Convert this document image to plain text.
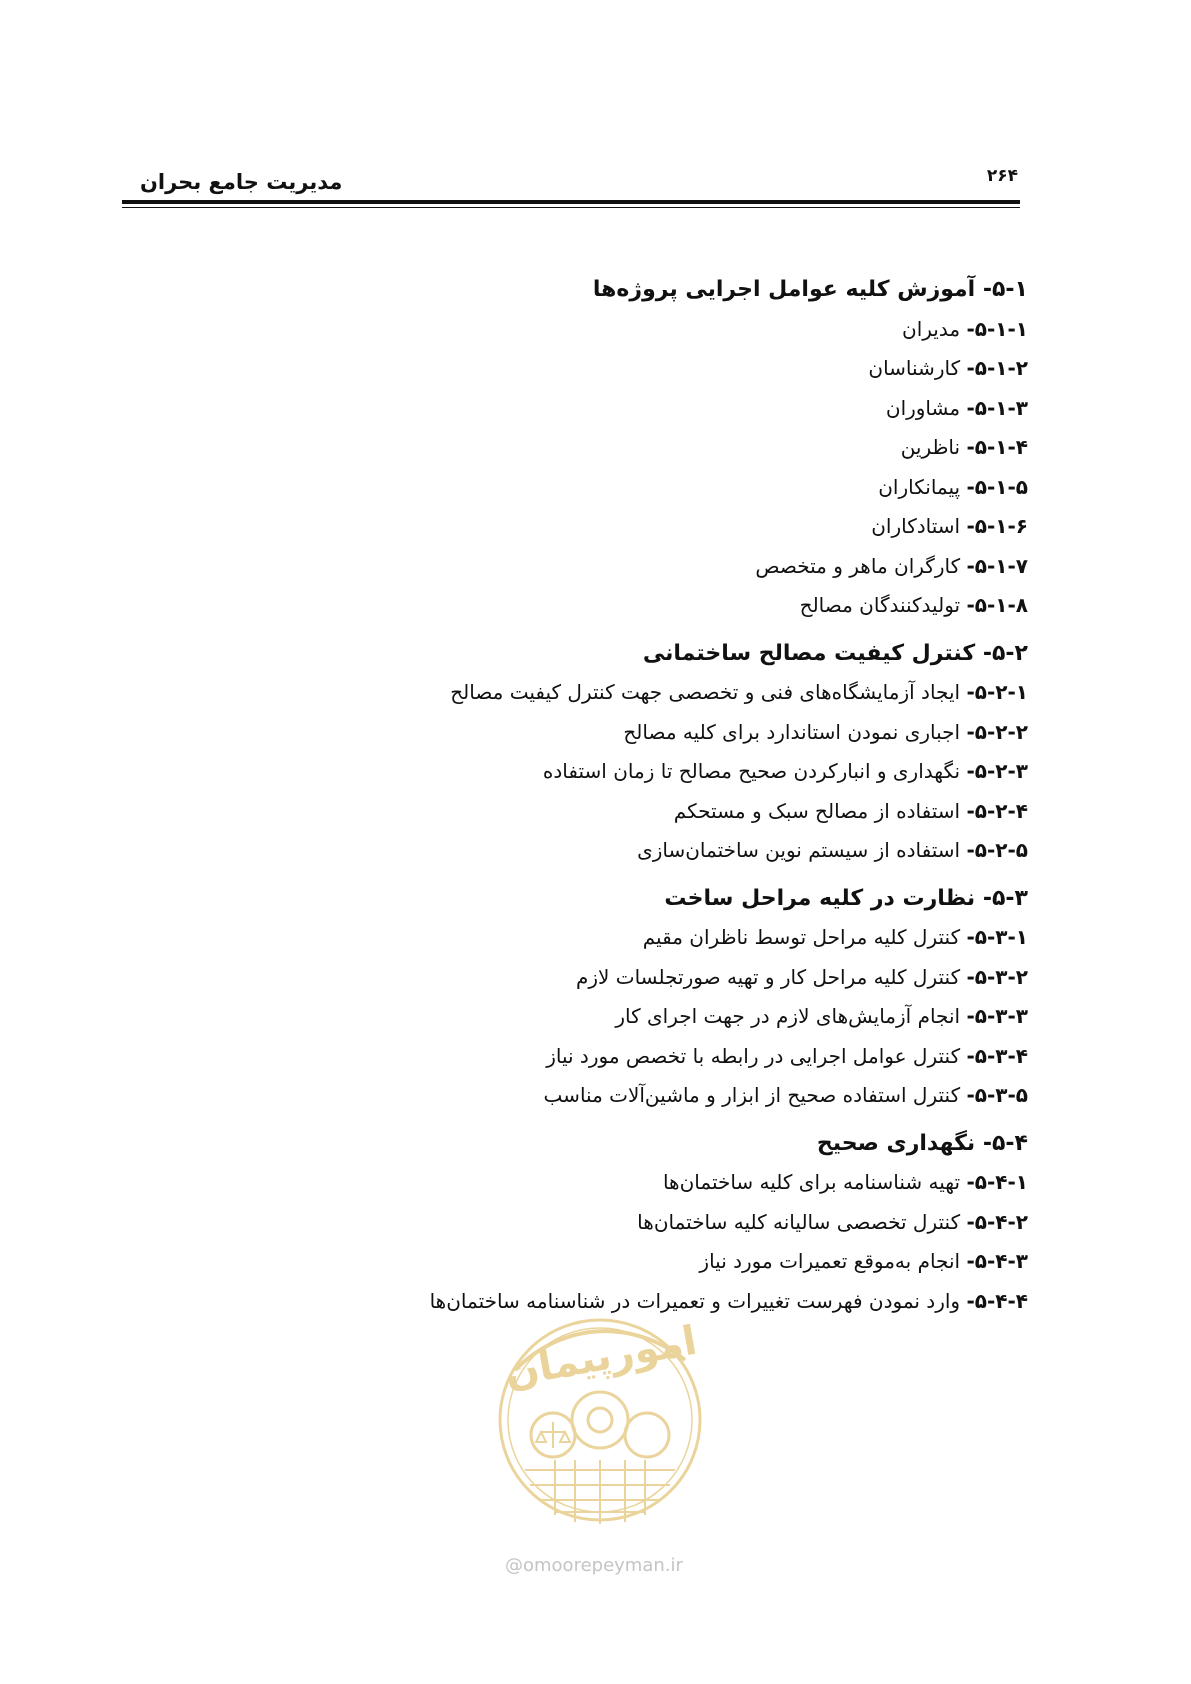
مدیریت جامع بحران	۲۶۴
۵-۱- آموزش کلیه عوامل اجرایی پروژه‌ها
۵-۱-۱- مدیران
۵-۱-۲- کارشناسان
۵-۱-۳- مشاوران
۵-۱-۴- ناظرین
۵-۱-۵- پیمانکاران
۵-۱-۶- استادکاران
۵-۱-۷- کارگران ماهر و متخصص
۵-۱-۸- تولیدکنندگان مصالح
۵-۲- کنترل کیفیت مصالح ساختمانی
۵-۲-۱- ایجاد آزمایشگاه‌های فنی و تخصصی جهت کنترل کیفیت مصالح
۵-۲-۲- اجباری نمودن استاندارد برای کلیه مصالح
۵-۲-۳- نگهداری و انبارکردن صحیح مصالح تا زمان استفاده
۵-۲-۴- استفاده از مصالح سبک و مستحکم
۵-۲-۵- استفاده از سیستم نوین ساختمان‌سازی
۵-۳- نظارت در کلیه مراحل ساخت
۵-۳-۱- کنترل کلیه مراحل توسط ناظران مقیم
۵-۳-۲- کنترل کلیه مراحل کار و تهیه صورتجلسات لازم
۵-۳-۳- انجام آزمایش‌های لازم در جهت اجرای کار
۵-۳-۴- کنترل عوامل اجرایی در رابطه با تخصص مورد نیاز
۵-۳-۵- کنترل استفاده صحیح از ابزار و ماشین‌آلات مناسب
۵-۴- نگهداری صحیح
۵-۴-۱- تهیه شناسنامه برای کلیه ساختمان‌ها
۵-۴-۲- کنترل تخصصی سالیانه کلیه ساختمان‌ها
۵-۴-۳- انجام به‌موقع تعمیرات مورد نیاز
۵-۴-۴- وارد نمودن فهرست تغییرات و تعمیرات در شناسنامه ساختمان‌ها
امورپیمان
@omoorepeyman.ir
